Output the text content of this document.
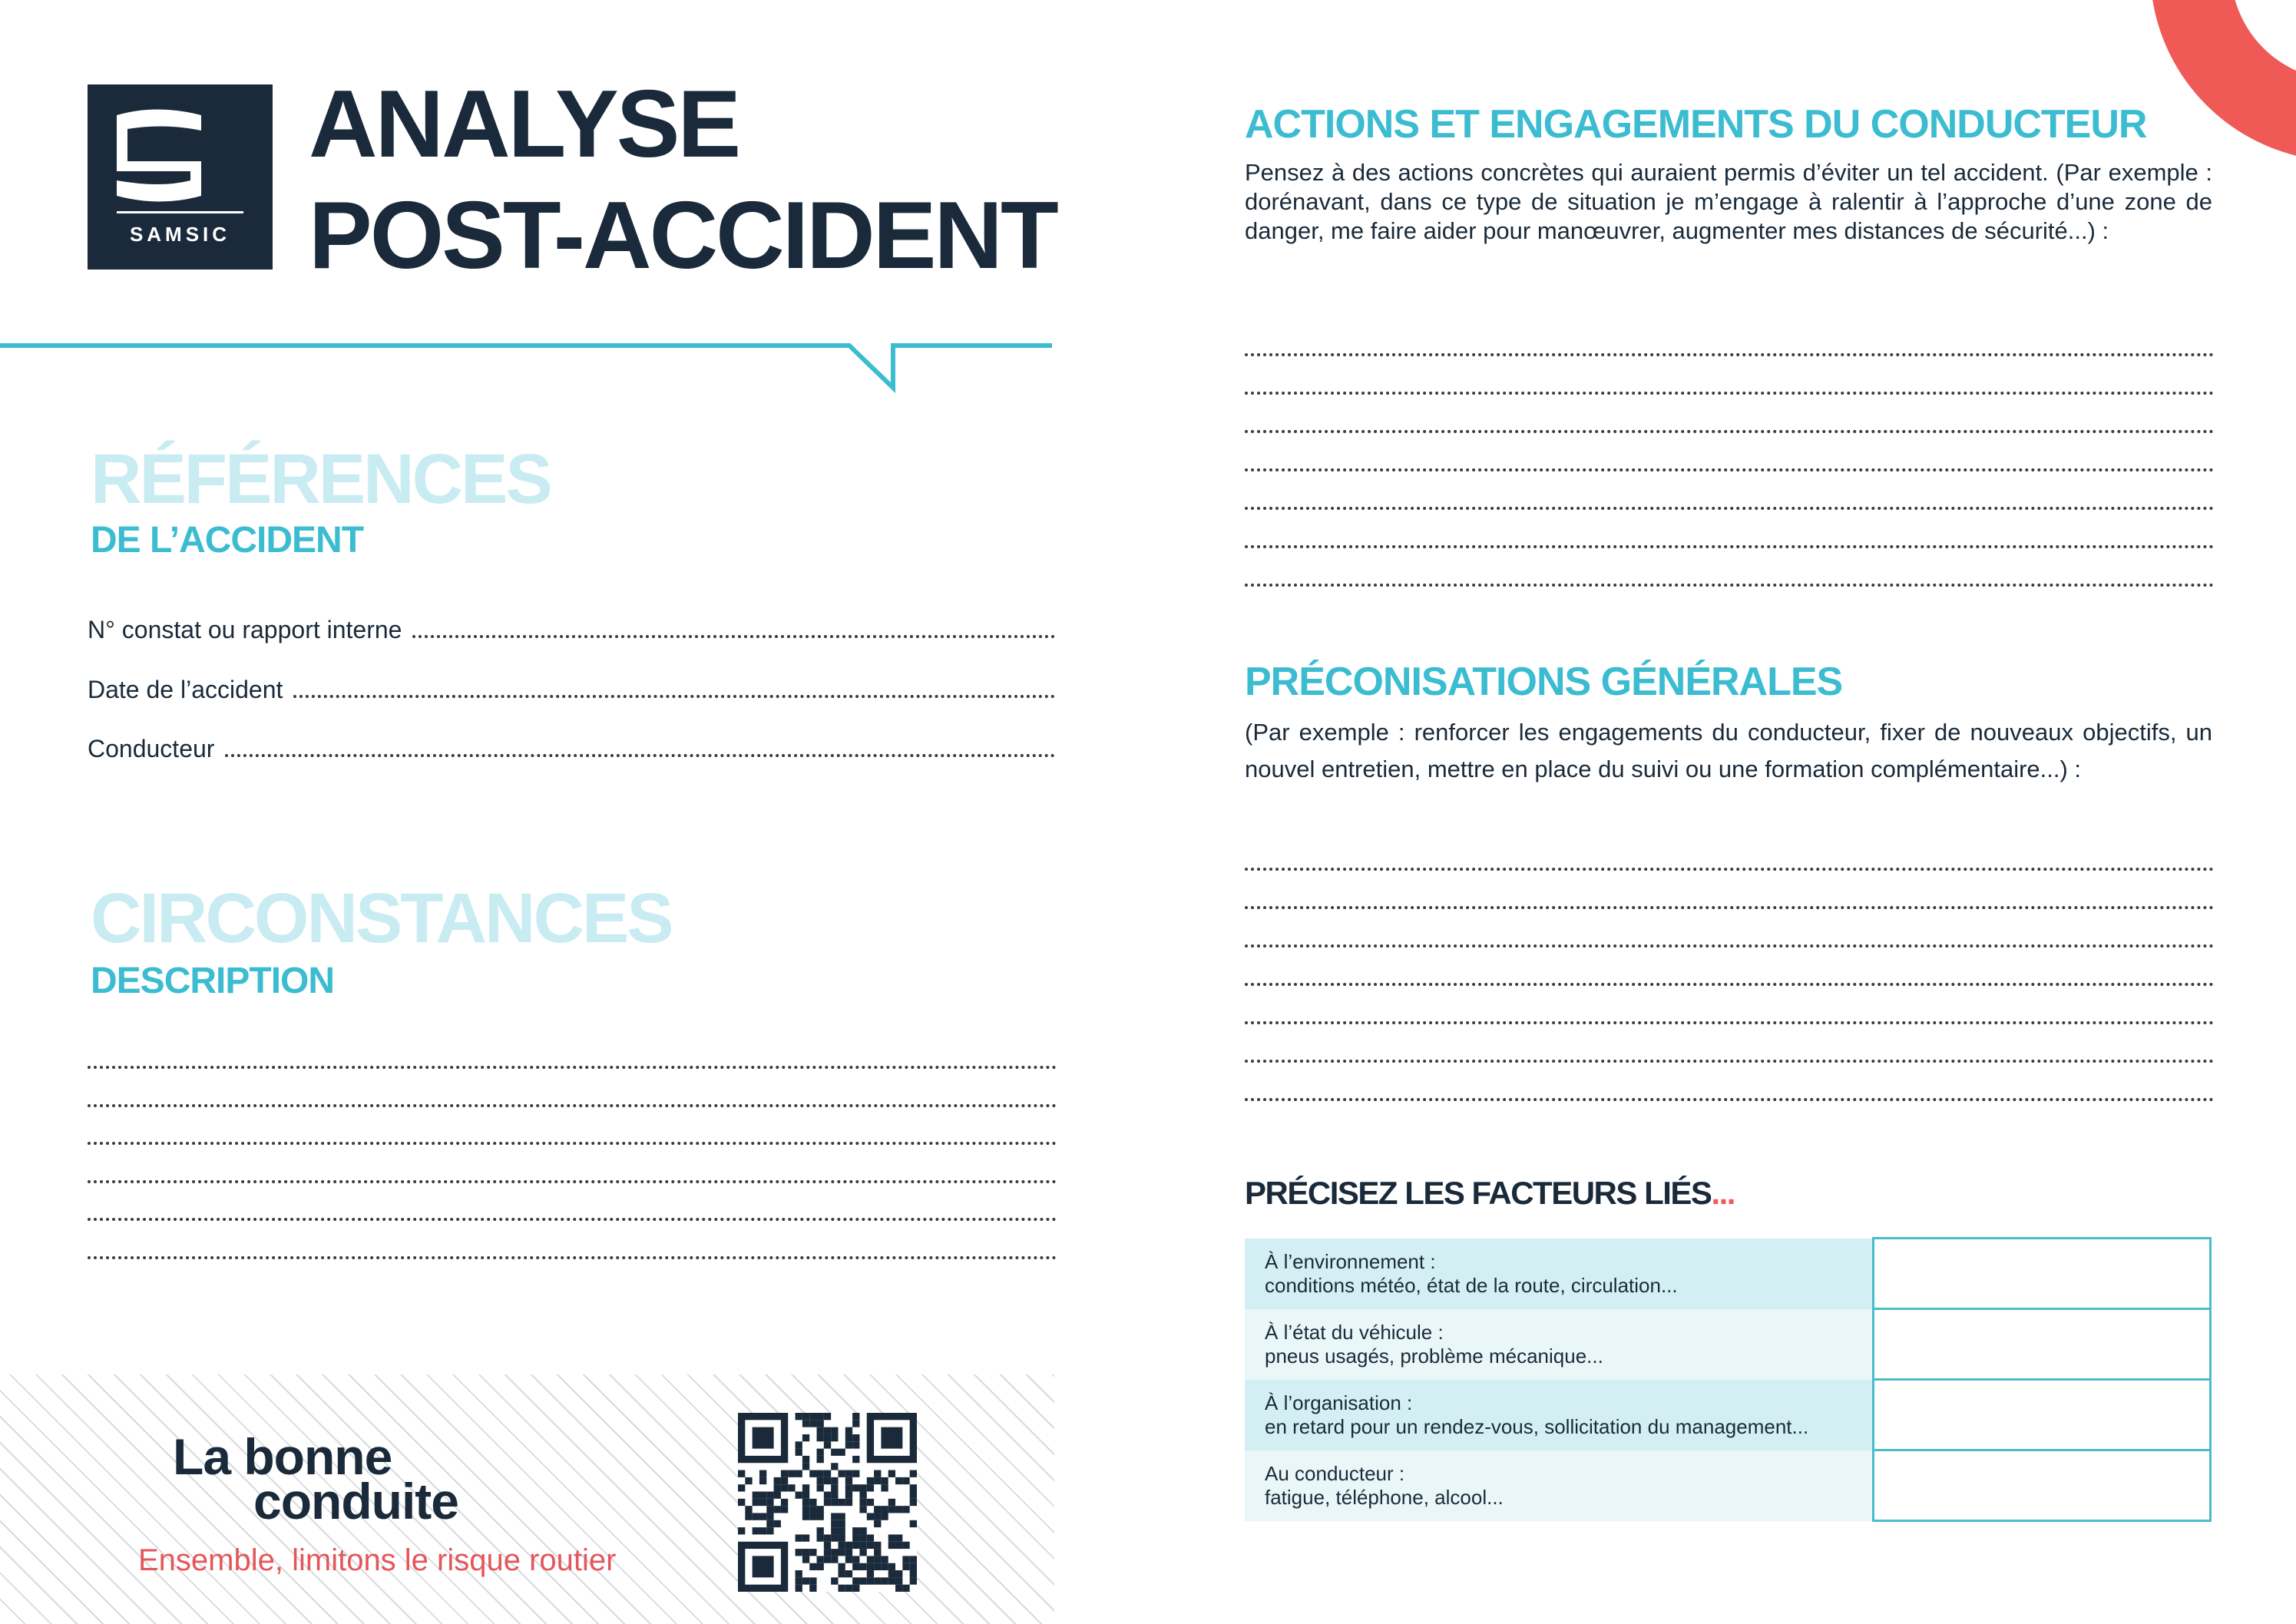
SAMSIC
ANALYSE
POST-ACCIDENT
RÉFÉRENCES
DE L’ACCIDENT
N° constat ou rapport interne
Date de l’accident
Conducteur
CIRCONSTANCES
DESCRIPTION
ACTIONS ET ENGAGEMENTS DU CONDUCTEUR
Pensez à des actions concrètes qui auraient permis d’éviter un tel accident. (Par exemple : dorénavant, dans ce type de situation je m’engage à ralentir à l’approche d’une zone de danger, me faire aider pour manœuvrer, augmenter mes distances de sécurité...) :
PRÉCONISATIONS GÉNÉRALES
(Par exemple : renforcer les engagements du conducteur, fixer de nouveaux objectifs, un nouvel entretien, mettre en place du suivi ou une formation complémentaire...) :
PRÉCISEZ LES FACTEURS LIÉS...
À l’environnement :
conditions météo, état de la route, circulation...	

À l’état du véhicule :
pneus usagés, problème mécanique...	

À l’organisation :
en retard pour un rendez-vous, sollicitation du management...	

Au conducteur :
fatigue, téléphone, alcool...	

La bonne
conduite
Ensemble, limitons le risque routier
